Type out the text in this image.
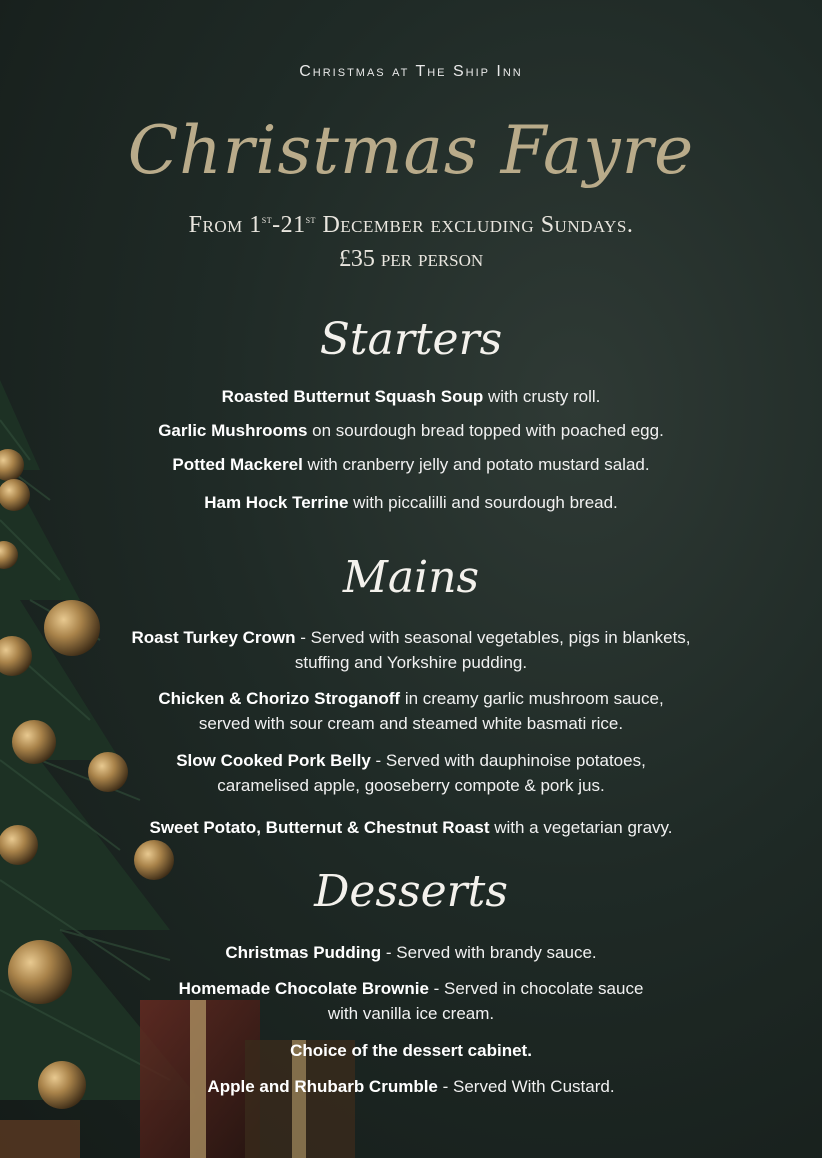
Christmas at The Ship Inn
Christmas Fayre
From 1st-21st December excluding Sundays.
£35 per person
Starters
Roasted Butternut Squash Soup with crusty roll.
Garlic Mushrooms on sourdough bread topped with poached egg.
Potted Mackerel with cranberry jelly and potato mustard salad.
Ham Hock Terrine with piccalilli and sourdough bread.
Mains
Roast Turkey Crown - Served with seasonal vegetables, pigs in blankets,
stuffing and Yorkshire pudding.
Chicken & Chorizo Stroganoff in creamy garlic mushroom sauce,
served with sour cream and steamed white basmati rice.
Slow Cooked Pork Belly - Served with dauphinoise potatoes,
caramelised apple, gooseberry compote & pork jus.
Sweet Potato, Butternut & Chestnut Roast with a vegetarian gravy.
Desserts
Christmas Pudding - Served with brandy sauce.
Homemade Chocolate Brownie - Served in chocolate sauce
with vanilla ice cream.
Choice of the dessert cabinet.
Apple and Rhubarb Crumble - Served With Custard.
